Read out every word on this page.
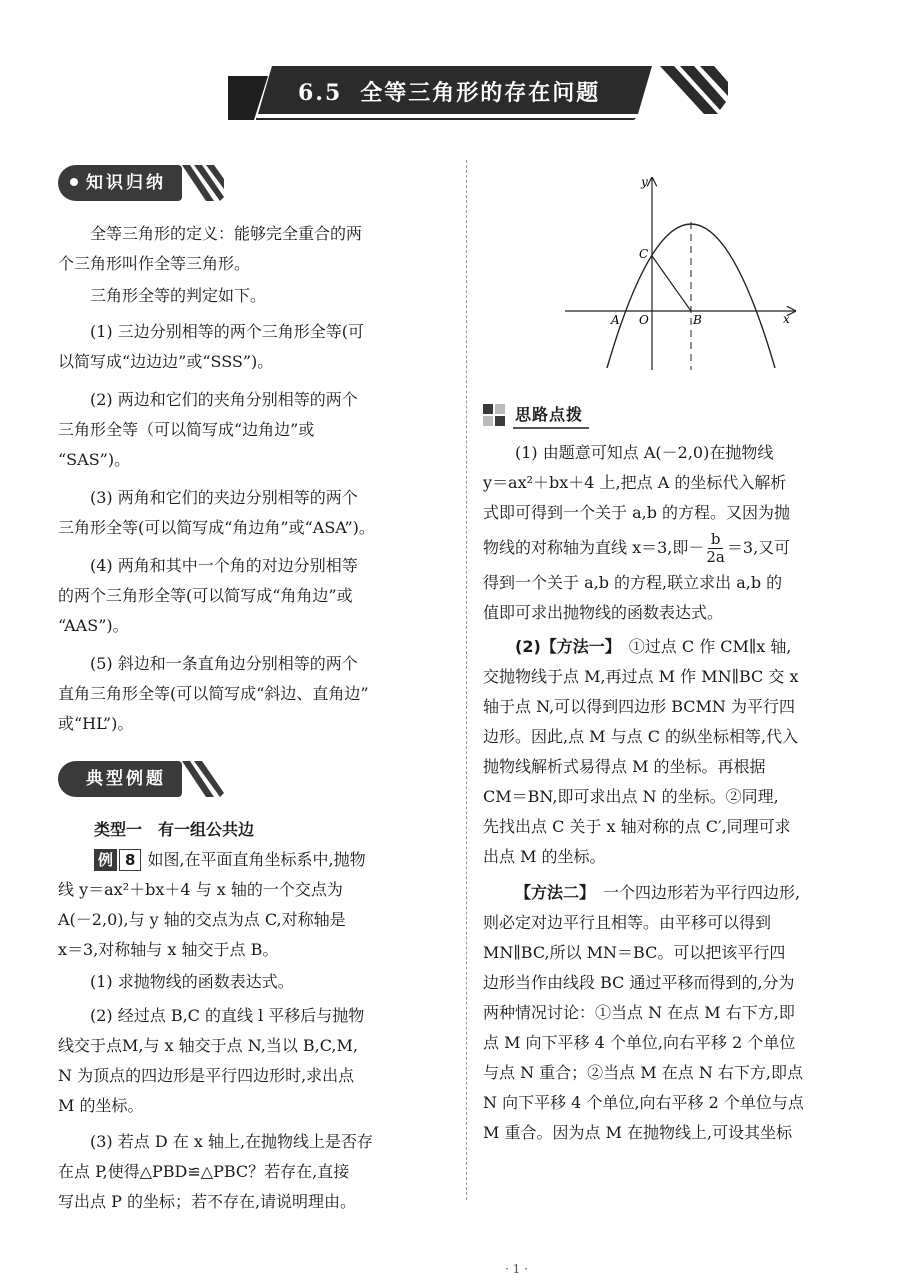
6.5 全等三角形的存在问题
知识归纳

全等三角形的定义：能够完全重合的两

个三角形叫作全等三角形。

三角形全等的判定如下。

(1) 三边分别相等的两个三角形全等(可

以简写成“边边边”或“SSS”)。

(2) 两边和它们的夹角分别相等的两个

三角形全等（可以简写成“边角边”或

“SAS”)。

(3) 两角和它们的夹边分别相等的两个

三角形全等(可以简写成“角边角”或“ASA”)。

(4) 两角和其中一个角的对边分别相等

的两个三角形全等(可以简写成“角角边”或

“AAS”)。

(5) 斜边和一条直角边分别相等的两个

直角三角形全等(可以简写成“斜边、直角边”

或“HL”)。

典型例题
类型一　有一组公共边

例 8 如图,在平面直角坐标系中,抛物

线 y＝ax²＋bx＋4 与 x 轴的一个交点为

A(－2,0),与 y 轴的交点为点 C,对称轴是

x＝3,对称轴与 x 轴交于点 B。

(1) 求抛物线的函数表达式。

(2) 经过点 B,C 的直线 l 平移后与抛物

线交于点M,与 x 轴交于点 N,当以 B,C,M,

N 为顶点的四边形是平行四边形时,求出点

M 的坐标。

(3) 若点 D 在 x 轴上,在抛物线上是否存

在点 P,使得△PBD≌△PBC？若存在,直接

写出点 P 的坐标；若不存在,请说明理由。

y
x
C
A O	B
思路点拨

(1) 由题意可知点 A(－2,0)在抛物线

y＝ax²＋bx＋4 上,把点 A 的坐标代入解析

式即可得到一个关于 a,b 的方程。又因为抛

物线的对称轴为直线 x＝3,即－ $\frac{b}{2a} =3$,又可

得到一个关于 a,b 的方程,联立求出 a,b 的

值即可求出抛物线的函数表达式。

(2)【方法一】　 ①过点 C 作 CM∥x 轴,

交抛物线于点 M,再过点 M 作 MN∥BC 交 x

轴于点 N,可以得到四边形 BCMN 为平行四

边形。因此,点 M 与点 C 的纵坐标相等,代入

抛物线解析式易得点 M 的坐标。再根据

CM＝BN,即可求出点 N 的坐标。②同理,

先找出点 C 关于 x 轴对称的点 C′,同理可求

出点 M 的坐标。

【方法二】　 一个四边形若为平行四边形,

则必定对边平行且相等。由平移可以得到

MN∥BC,所以 MN＝BC。可以把该平行四

边形当作由线段 BC 通过平移而得到的,分为

两种情况讨论：①当点 N 在点 M 右下方,即

点 M 向下平移 4 个单位,向右平移 2 个单位

与点 N 重合；②当点 M 在点 N 右下方,即点

N 向下平移 4 个单位,向右平移 2 个单位与点

M 重合。因为点 M 在抛物线上,可设其坐标

· 1 ·
